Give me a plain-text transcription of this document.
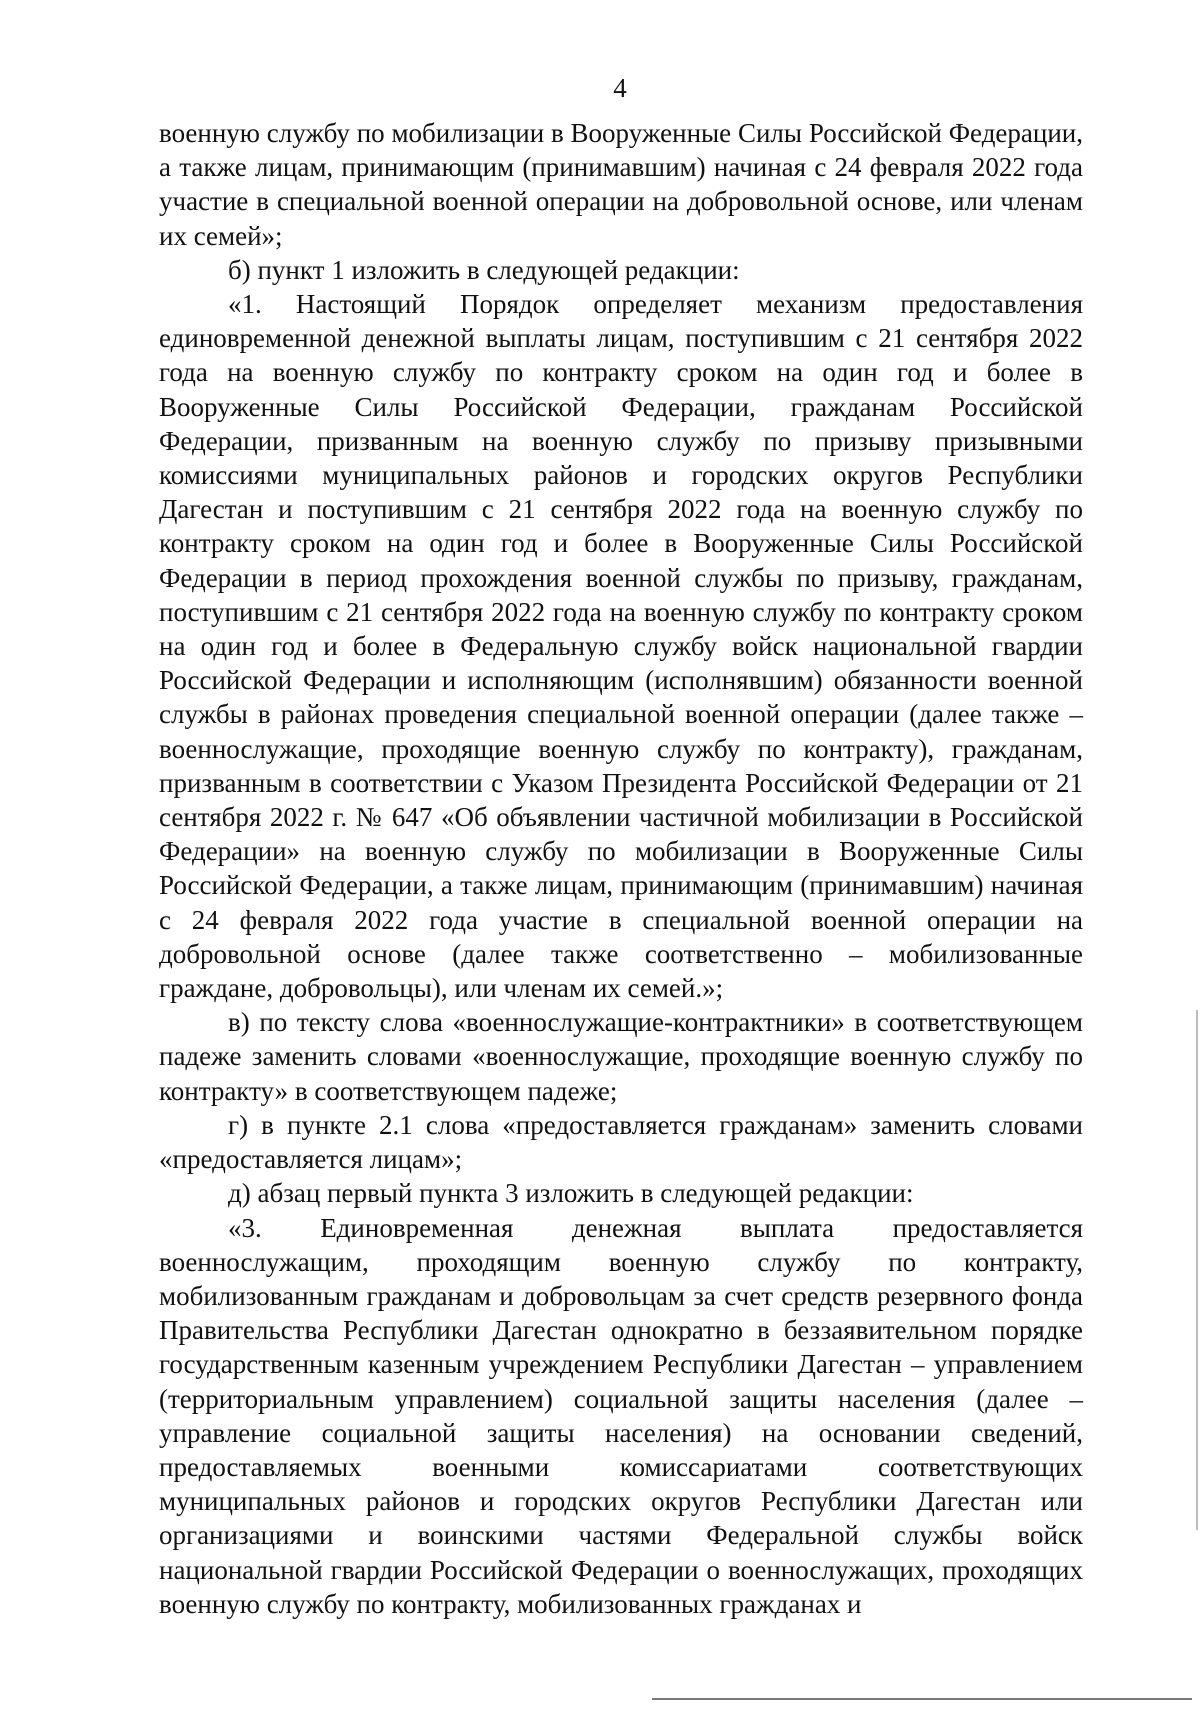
4

военную службу по мобилизации в Вооруженные Силы Российской Федерации, а также лицам, принимающим (принимавшим) начиная с 24 февраля 2022 года участие в специальной военной операции на добровольной основе, или членам их семей»;

б) пункт 1 изложить в следующей редакции:

«1. Настоящий Порядок определяет механизм предоставления единовременной денежной выплаты лицам, поступившим с 21 сентября 2022 года на военную службу по контракту сроком на один год и более в Вооруженные Силы Российской Федерации, гражданам Российской Федерации, призванным на военную службу по призыву призывными комиссиями муниципальных районов и городских округов Республики Дагестан и поступившим с 21 сентября 2022 года на военную службу по контракту сроком на один год и более в Вооруженные Силы Российской Федерации в период прохождения военной службы по призыву, гражданам, поступившим с 21 сентября 2022 года на военную службу по контракту сроком на один год и более в Федеральную службу войск национальной гвардии Российской Федерации и исполняющим (исполнявшим) обязанности военной службы в районах проведения специальной военной операции (далее также – военнослужащие, проходящие военную службу по контракту), гражданам, призванным в соответствии с Указом Президента Российской Федерации от 21 сентября 2022 г. № 647 «Об объявлении частичной мобилизации в Российской Федерации» на военную службу по мобилизации в Вооруженные Силы Российской Федерации, а также лицам, принимающим (принимавшим) начиная с 24 февраля 2022 года участие в специальной военной операции на добровольной основе (далее также соответственно – мобилизованные граждане, добровольцы), или членам их семей.»;

в) по тексту слова «военнослужащие-контрактники» в соответствующем падеже заменить словами «военнослужащие, проходящие военную службу по контракту» в соответствующем падеже;

г) в пункте 2.1 слова «предоставляется гражданам» заменить словами «предоставляется лицам»;

д) абзац первый пункта 3 изложить в следующей редакции:

«3. Единовременная денежная выплата предоставляется военнослужащим, проходящим военную службу по контракту, мобилизованным гражданам и добровольцам за счет средств резервного фонда Правительства Республики Дагестан однократно в беззаявительном порядке государственным казенным учреждением Республики Дагестан – управлением (территориальным управлением) социальной защиты населения (далее – управление социальной защиты населения) на основании сведений, предоставляемых военными комиссариатами соответствующих муниципальных районов и городских округов Республики Дагестан или организациями и воинскими частями Федеральной службы войск национальной гвардии Российской Федерации о военнослужащих, проходящих военную службу по контракту, мобилизованных гражданах и
